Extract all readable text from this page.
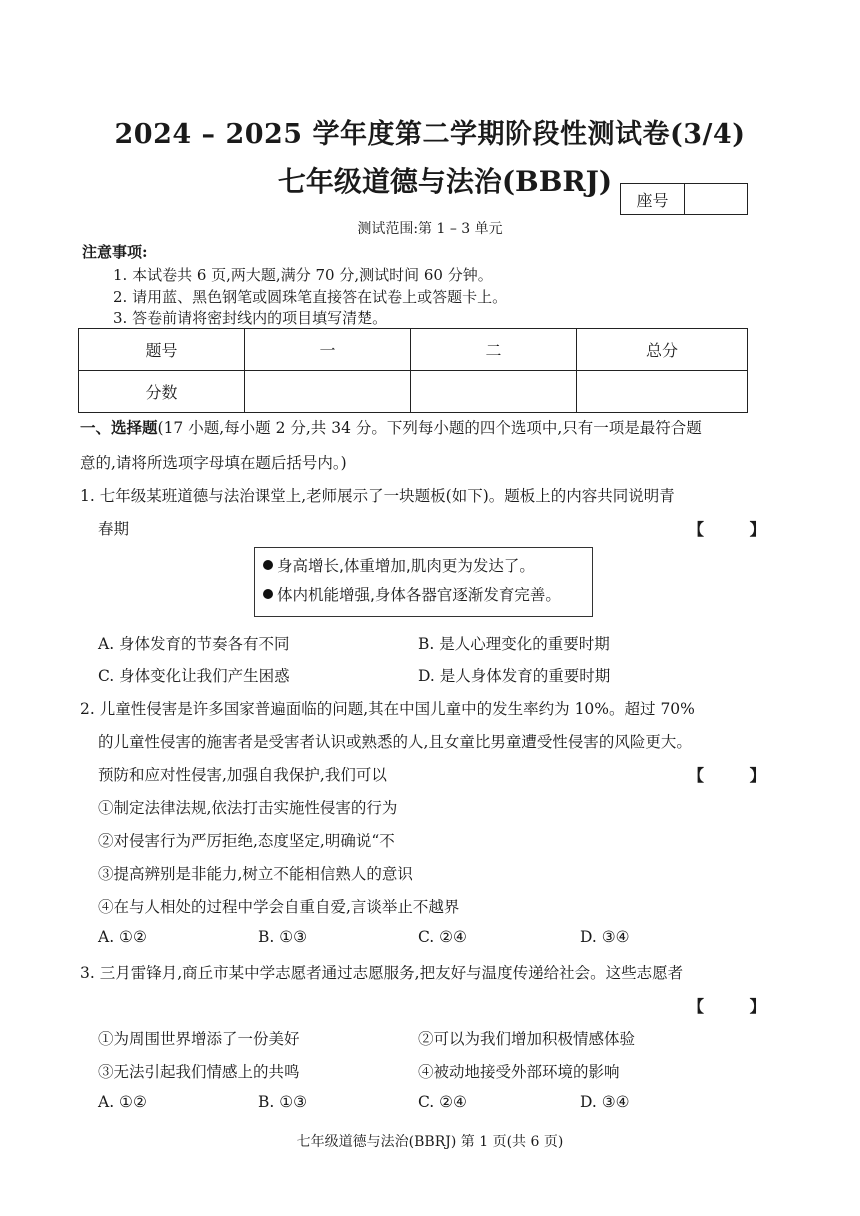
2024 – 2025 学年度第二学期阶段性测试卷(3/4)
七年级道德与法治(BBRJ)
座号
测试范围:第 1 – 3 单元
注意事项:
1. 本试卷共 6 页,两大题,满分 70 分,测试时间 60 分钟。
2. 请用蓝、黑色钢笔或圆珠笔直接答在试卷上或答题卡上。
3. 答卷前请将密封线内的项目填写清楚。
题号	一	二	总分
分数			
一、选择题(17 小题,每小题 2 分,共 34 分。下列每小题的四个选项中,只有一项是最符合题
意的,请将所选项字母填在题后括号内。)
1. 七年级某班道德与法治课堂上,老师展示了一块题板(如下)。题板上的内容共同说明青
春期	【 】
身高增长,体重增加,肌肉更为发达了。
体内机能增强,身体各器官逐渐发育完善。
A. 身体发育的节奏各有不同	B. 是人心理变化的重要时期
C. 身体变化让我们产生困惑	D. 是人身体发育的重要时期
2. 儿童性侵害是许多国家普遍面临的问题,其在中国儿童中的发生率约为 10%。超过 70%
的儿童性侵害的施害者是受害者认识或熟悉的人,且女童比男童遭受性侵害的风险更大。
预防和应对性侵害,加强自我保护,我们可以	【 】
①制定法律法规,依法打击实施性侵害的行为
②对侵害行为严厉拒绝,态度坚定,明确说“不
③提高辨别是非能力,树立不能相信熟人的意识
④在与人相处的过程中学会自重自爱,言谈举止不越界
A. ①②	B. ①③	C. ②④	D. ③④
3. 三月雷锋月,商丘市某中学志愿者通过志愿服务,把友好与温度传递给社会。这些志愿者
【 】
①为周围世界增添了一份美好	②可以为我们增加积极情感体验
③无法引起我们情感上的共鸣	④被动地接受外部环境的影响
A. ①②	B. ①③	C. ②④	D. ③④
七年级道德与法治(BBRJ) 第 1 页(共 6 页)
